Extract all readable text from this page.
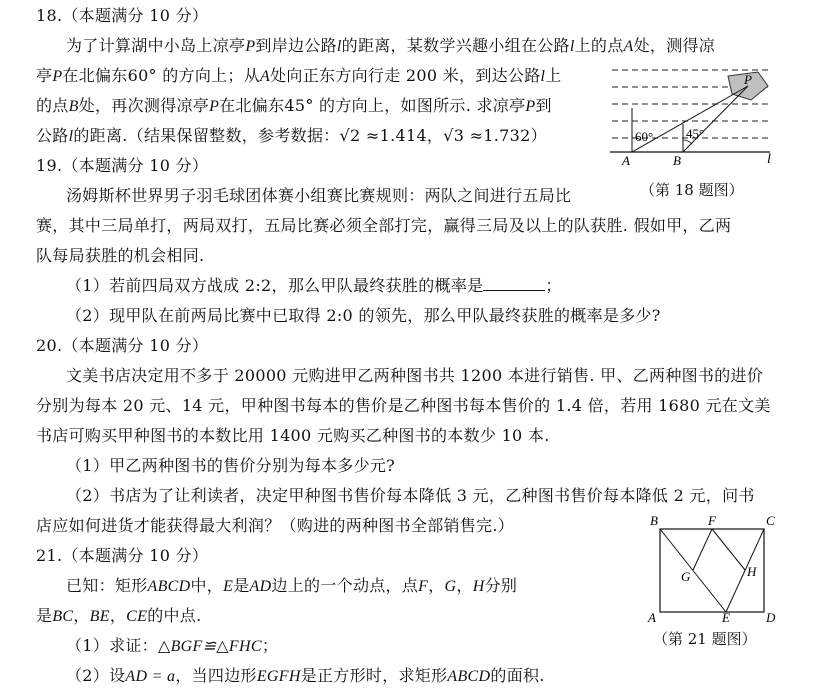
18.（本题满分 10 分）
为了计算湖中小岛上凉亭P到岸边公路l的距离，某数学兴趣小组在公路l上的点A处，测得凉
亭P在北偏东60° 的方向上；从A处向正东方向行走 200 米，到达公路l上
的点B处，再次测得凉亭P在北偏东45° 的方向上，如图所示. 求凉亭P到
公路l的距离.（结果保留整数，参考数据：√2 ≈1.414，√3 ≈1.732）	60°	45°
P
A	B	l
（第 18 题图）
19.（本题满分 10 分）
汤姆斯杯世界男子羽毛球团体赛小组赛比赛规则：两队之间进行五局比
赛，其中三局单打，两局双打，五局比赛必须全部打完，赢得三局及以上的队获胜. 假如甲，乙两
队每局获胜的机会相同.
（1）若前四局双方战成 2:2，那么甲队最终获胜的概率是	；
（2）现甲队在前两局比赛中已取得 2:0 的领先，那么甲队最终获胜的概率是多少?
20.（本题满分 10 分）
文美书店决定用不多于 20000 元购进甲乙两种图书共 1200 本进行销售. 甲、乙两种图书的进价
分别为每本 20 元、14 元，甲种图书每本的售价是乙种图书每本售价的 1.4 倍，若用 1680 元在文美
书店可购买甲种图书的本数比用 1400 元购买乙种图书的本数少 10 本.
（1）甲乙两种图书的售价分别为每本多少元?
（2）书店为了让利读者，决定甲种图书售价每本降低 3 元，乙种图书售价每本降低 2 元，问书
店应如何进货才能获得最大利润？（购进的两种图书全部销售完.）
21.（本题满分 10 分）
已知：矩形ABCD中，E是AD边上的一个动点，点F，G，H分别
是BC，BE，CE的中点.
（1）求证：△BGF≌△FHC；
（2）设AD = a，当四边形EGFH是正方形时，求矩形ABCD的面积.
B	F	C
G	H
A	E	D
（第 21 题图）
